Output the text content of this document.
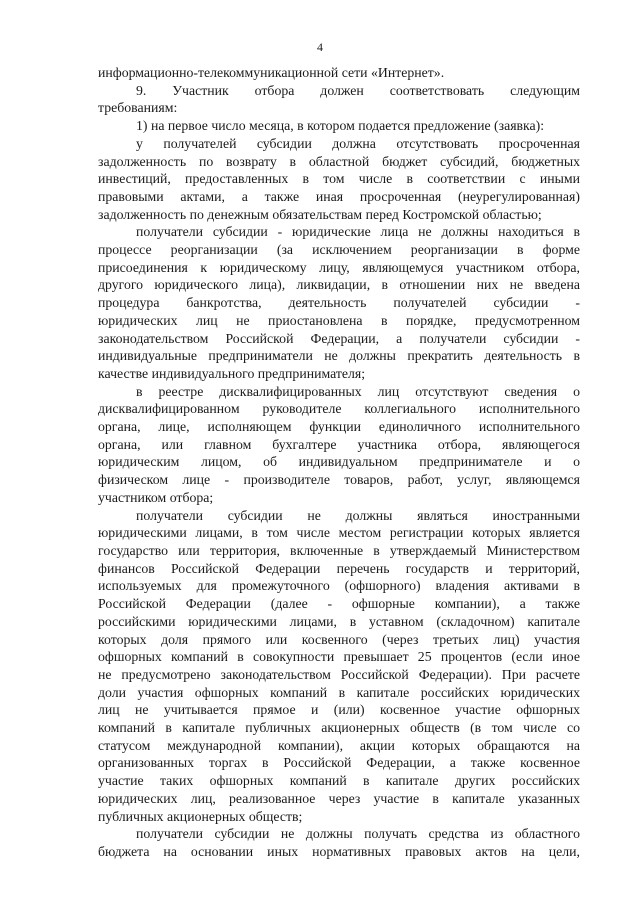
4
информационно-телекоммуникационной сети «Интернет».
9. Участник отбора должен соответствовать следующим
требованиям:
1) на первое число месяца, в котором подается предложение (заявка):
у получателей субсидии должна отсутствовать просроченная
задолженность по возврату в областной бюджет субсидий, бюджетных
инвестиций, предоставленных в том числе в соответствии с иными
правовыми актами, а также иная просроченная (неурегулированная)
задолженность по денежным обязательствам перед Костромской областью;
получатели субсидии - юридические лица не должны находиться в
процессе реорганизации (за исключением реорганизации в форме
присоединения к юридическому лицу, являющемуся участником отбора,
другого юридического лица), ликвидации, в отношении них не введена
процедура банкротства, деятельность получателей субсидии -
юридических лиц не приостановлена в порядке, предусмотренном
законодательством Российской Федерации, а получатели субсидии -
индивидуальные предприниматели не должны прекратить деятельность в
качестве индивидуального предпринимателя;
в реестре дисквалифицированных лиц отсутствуют сведения о
дисквалифицированном руководителе коллегиального исполнительного
органа, лице, исполняющем функции единоличного исполнительного
органа, или главном бухгалтере участника отбора, являющегося
юридическим лицом, об индивидуальном предпринимателе и о
физическом лице - производителе товаров, работ, услуг, являющемся
участником отбора;
получатели субсидии не должны являться иностранными
юридическими лицами, в том числе местом регистрации которых является
государство или территория, включенные в утверждаемый Министерством
финансов Российской Федерации перечень государств и территорий,
используемых для промежуточного (офшорного) владения активами в
Российской Федерации (далее - офшорные компании), а также
российскими юридическими лицами, в уставном (складочном) капитале
которых доля прямого или косвенного (через третьих лиц) участия
офшорных компаний в совокупности превышает 25 процентов (если иное
не предусмотрено законодательством Российской Федерации). При расчете
доли участия офшорных компаний в капитале российских юридических
лиц не учитывается прямое и (или) косвенное участие офшорных
компаний в капитале публичных акционерных обществ (в том числе со
статусом международной компании), акции которых обращаются на
организованных торгах в Российской Федерации, а также косвенное
участие таких офшорных компаний в капитале других российских
юридических лиц, реализованное через участие в капитале указанных
публичных акционерных обществ;
получатели субсидии не должны получать средства из областного
бюджета на основании иных нормативных правовых актов на цели,
